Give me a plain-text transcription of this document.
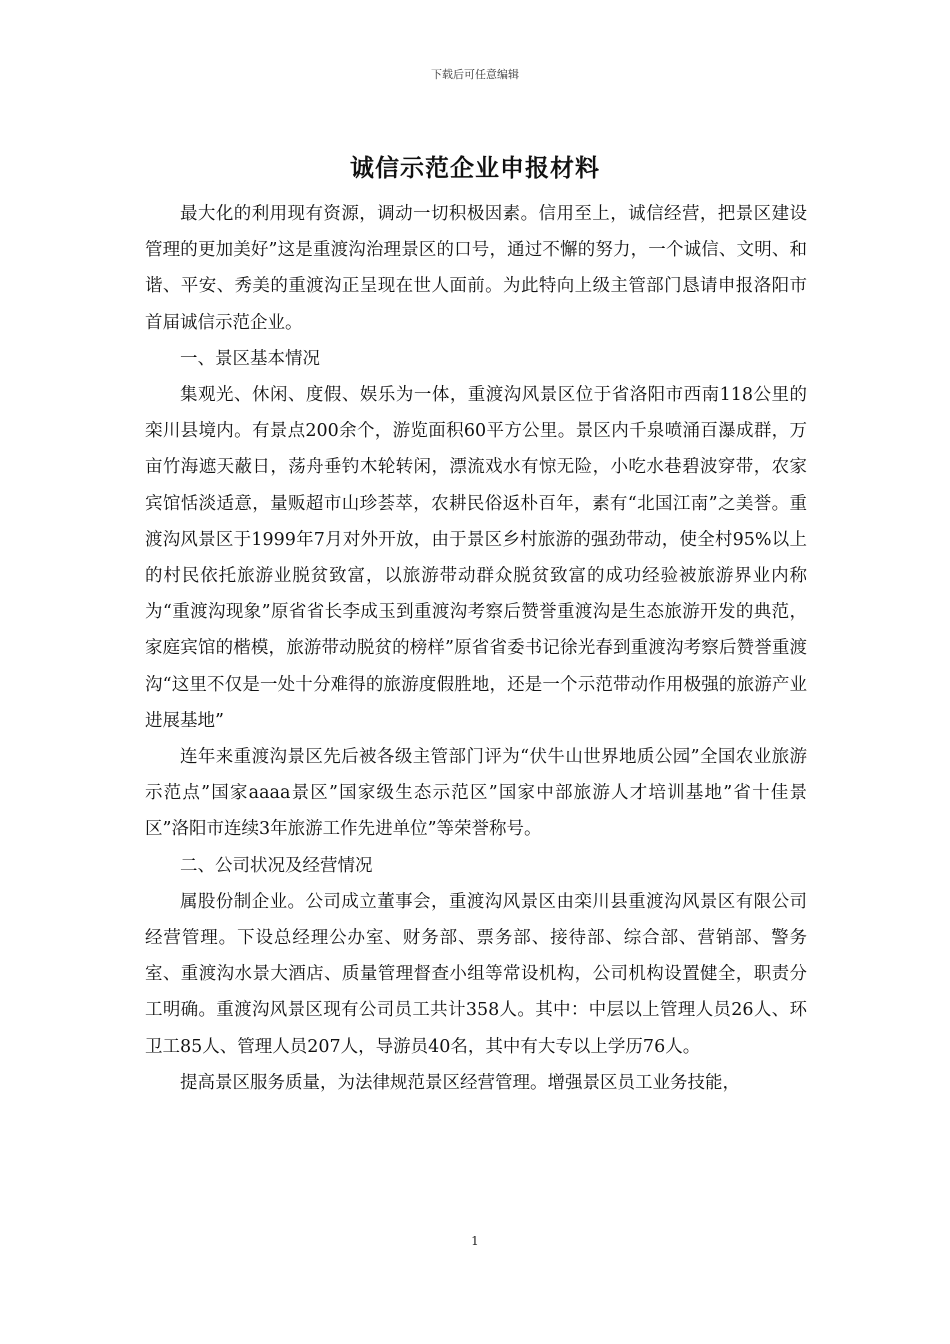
下载后可任意编辑
诚信示范企业申报材料

最大化的利用现有资源，调动一切积极因素。信用至上，诚信经营，把景区建设管理的更加美好”这是重渡沟治理景区的口号，通过不懈的努力，一个诚信、文明、和谐、平安、秀美的重渡沟正呈现在世人面前。为此特向上级主管部门恳请申报洛阳市首届诚信示范企业。

一、景区基本情况

集观光、休闲、度假、娱乐为一体，重渡沟风景区位于省洛阳市西南118公里的栾川县境内。有景点200余个，游览面积60平方公里。景区内千泉喷涌百瀑成群，万亩竹海遮天蔽日，荡舟垂钓木轮转闲，漂流戏水有惊无险，小吃水巷碧波穿带，农家宾馆恬淡适意，量贩超市山珍荟萃，农耕民俗返朴百年，素有“北国江南”之美誉。重渡沟风景区于1999年7月对外开放，由于景区乡村旅游的强劲带动，使全村95%以上的村民依托旅游业脱贫致富，以旅游带动群众脱贫致富的成功经验被旅游界业内称为“重渡沟现象”原省省长李成玉到重渡沟考察后赞誉重渡沟是生态旅游开发的典范，家庭宾馆的楷模，旅游带动脱贫的榜样”原省省委书记徐光春到重渡沟考察后赞誉重渡沟“这里不仅是一处十分难得的旅游度假胜地，还是一个示范带动作用极强的旅游产业进展基地”

连年来重渡沟景区先后被各级主管部门评为“伏牛山世界地质公园”全国农业旅游示范点”国家aaaa景区”国家级生态示范区”国家中部旅游人才培训基地”省十佳景区”洛阳市连续3年旅游工作先进单位”等荣誉称号。

二、公司状况及经营情况

属股份制企业。公司成立董事会，重渡沟风景区由栾川县重渡沟风景区有限公司经营管理。下设总经理公办室、财务部、票务部、接待部、综合部、营销部、警务室、重渡沟水景大酒店、质量管理督查小组等常设机构，公司机构设置健全，职责分工明确。重渡沟风景区现有公司员工共计358人。其中：中层以上管理人员26人、环卫工85人、管理人员207人，导游员40名，其中有大专以上学历76人。

提高景区服务质量，为法律规范景区经营管理。增强景区员工业务技能，

1
